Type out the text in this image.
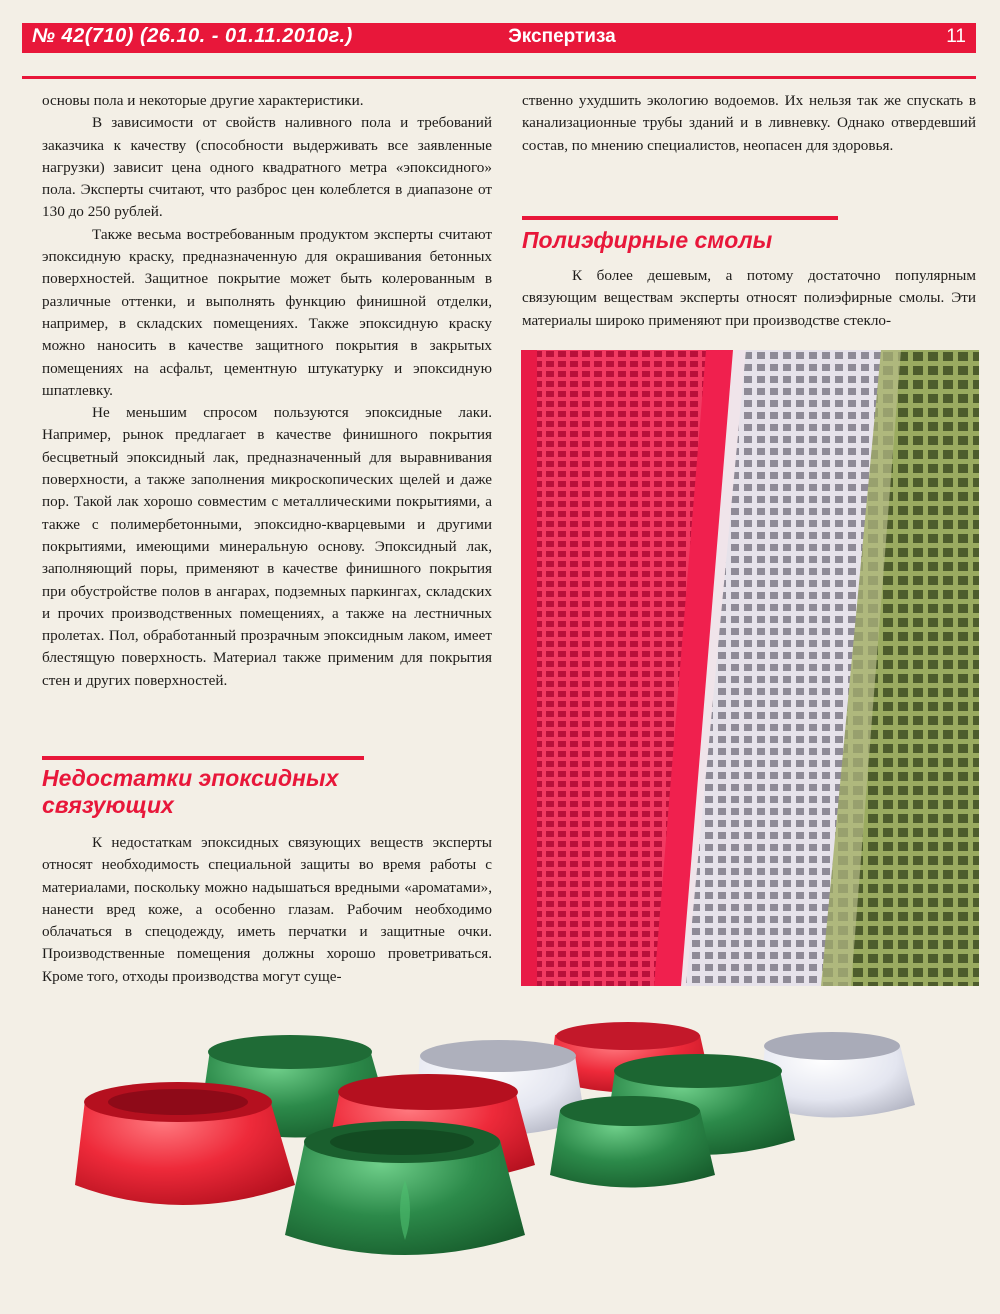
№ 42(710) (26.10. - 01.11.2010г.)	Экспертиза	11

основы пола и некоторые другие характеристики.

В зависимости от свойств наливного пола и требований заказчика к качеству (способности выдерживать все заявленные нагрузки) зависит цена одного квадратного метра «эпоксидного» пола. Эксперты считают, что разброс цен колеблется в диапазоне от 130 до 250 рублей.

Также весьма востребованным продуктом эксперты считают эпоксидную краску, предназначенную для окрашивания бетонных поверхностей. Защитное покрытие может быть колерованным в различные оттенки, и выполнять функцию финишной отделки, например, в складских помещениях. Также эпоксидную краску можно наносить в качестве защитного покрытия в закрытых помещениях на асфальт, цементную штукатурку и эпоксидную шпатлевку.

Не меньшим спросом пользуются эпоксидные лаки. Например, рынок предлагает в качестве финишного покрытия бесцветный эпоксидный лак, предназначенный для выравнивания поверхности, а также заполнения микроскопических щелей и даже пор. Такой лак хорошо совместим с металлическими покрытиями, а также с полимербетонными, эпоксидно-кварцевыми и другими покрытиями, имеющими минеральную основу. Эпоксидный лак, заполняющий поры, применяют в качестве финишного покрытия при обустройстве полов в ангарах, подземных паркингах, складских и прочих производственных помещениях, а также на лестничных пролетах. Пол, обработанный прозрачным эпоксидным лаком, имеет блестящую поверхность. Материал также применим для покрытия стен и других поверхностей.

Недостатки эпоксидных
связующих

К недостаткам эпоксидных связующих веществ эксперты относят необходимость специальной защиты во время работы с материалами, поскольку можно надышаться вредными «ароматами», нанести вред коже, а особенно глазам. Рабочим необходимо облачаться в спецодежду, иметь перчатки и защитные очки. Производственные помещения должны хорошо проветриваться. Кроме того, отходы производства могут суще-

ственно ухудшить экологию водоемов. Их нельзя так же спускать в канализационные трубы зданий и в ливневку. Однако отвердевший состав, по мнению специалистов, неопасен для здоровья.

Полиэфирные смолы

К более дешевым, а потому достаточно популярным связующим веществам эксперты относят полиэфирные смолы. Эти материалы широко применяют при производстве стекло-
